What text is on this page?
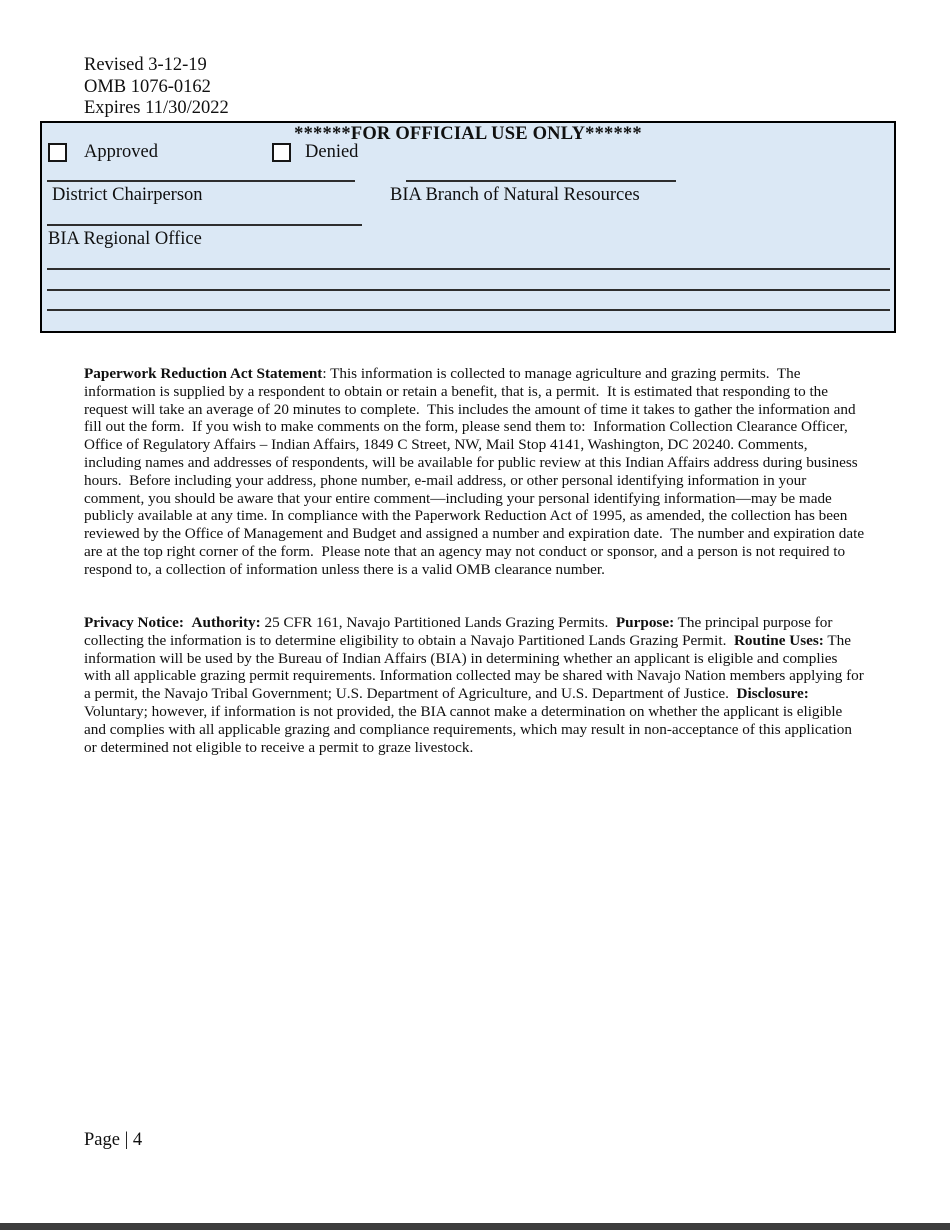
Revised 3-12-19
OMB 1076-0162
Expires 11/30/2022
******FOR OFFICIAL USE ONLY******
Approved	Denied
District Chairperson	BIA Branch of Natural Resources
BIA Regional Office
Paperwork Reduction Act Statement: This information is collected to manage agriculture and grazing permits.  The information is supplied by a respondent to obtain or retain a benefit, that is, a permit.  It is estimated that responding to the request will take an average of 20 minutes to complete.  This includes the amount of time it takes to gather the information and fill out the form.  If you wish to make comments on the form, please send them to:  Information Collection Clearance Officer, Office of Regulatory Affairs – Indian Affairs, 1849 C Street, NW, Mail Stop 4141, Washington, DC 20240. Comments, including names and addresses of respondents, will be available for public review at this Indian Affairs address during business hours.  Before including your address, phone number, e-mail address, or other personal identifying information in your comment, you should be aware that your entire comment—including your personal identifying information—may be made publicly available at any time. In compliance with the Paperwork Reduction Act of 1995, as amended, the collection has been reviewed by the Office of Management and Budget and assigned a number and expiration date.  The number and expiration date are at the top right corner of the form.  Please note that an agency may not conduct or sponsor, and a person is not required to respond to, a collection of information unless there is a valid OMB clearance number.
Privacy Notice: Authority: 25 CFR 161, Navajo Partitioned Lands Grazing Permits.  Purpose: The principal purpose for collecting the information is to determine eligibility to obtain a Navajo Partitioned Lands Grazing Permit.  Routine Uses: The information will be used by the Bureau of Indian Affairs (BIA) in determining whether an applicant is eligible and complies with all applicable grazing permit requirements. Information collected may be shared with Navajo Nation members applying for a permit, the Navajo Tribal Government; U.S. Department of Agriculture, and U.S. Department of Justice.  Disclosure: Voluntary; however, if information is not provided, the BIA cannot make a determination on whether the applicant is eligible and complies with all applicable grazing and compliance requirements, which may result in non-acceptance of this application or determined not eligible to receive a permit to graze livestock.
Page | 4
